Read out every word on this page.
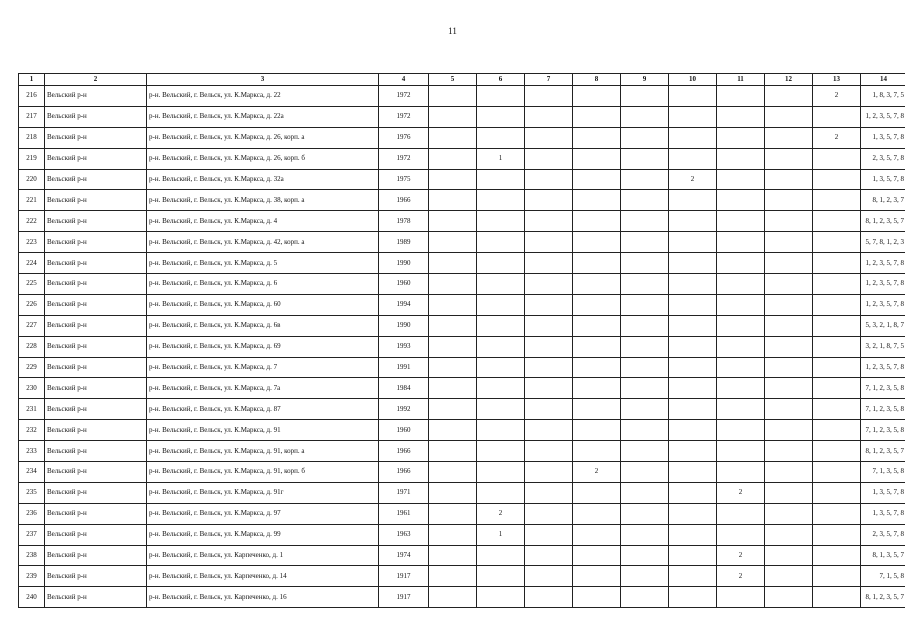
11
1	2	3	4	5	6	7	8	9	10	11	12	13	14
216	Вельский р-н	р-н. Вельский, г. Вельск, ул. К.Маркса, д. 22	1972									2	1, 8, 3, 7, 5
217	Вельский р-н	р-н. Вельский, г. Вельск, ул. К.Маркса, д. 22а	1972										1, 2, 3, 5, 7, 8
218	Вельский р-н	р-н. Вельский, г. Вельск, ул. К.Маркса, д. 26, корп. а	1976									2	1, 3, 5, 7, 8
219	Вельский р-н	р-н. Вельский, г. Вельск, ул. К.Маркса, д. 26, корп. б	1972		1								2, 3, 5, 7, 8
220	Вельский р-н	р-н. Вельский, г. Вельск, ул. К.Маркса, д. 32а	1975						2				1, 3, 5, 7, 8
221	Вельский р-н	р-н. Вельский, г. Вельск, ул. К.Маркса, д. 38, корп. а	1966										8, 1, 2, 3, 7
222	Вельский р-н	р-н. Вельский, г. Вельск, ул. К.Маркса, д. 4	1978										8, 1, 2, 3, 5, 7
223	Вельский р-н	р-н. Вельский, г. Вельск, ул. К.Маркса, д. 42, корп. а	1989										5, 7, 8, 1, 2, 3
224	Вельский р-н	р-н. Вельский, г. Вельск, ул. К.Маркса, д. 5	1990										1, 2, 3, 5, 7, 8
225	Вельский р-н	р-н. Вельский, г. Вельск, ул. К.Маркса, д. 6	1960										1, 2, 3, 5, 7, 8
226	Вельский р-н	р-н. Вельский, г. Вельск, ул. К.Маркса, д. 60	1994										1, 2, 3, 5, 7, 8
227	Вельский р-н	р-н. Вельский, г. Вельск, ул. К.Маркса, д. 6в	1990										5, 3, 2, 1, 8, 7
228	Вельский р-н	р-н. Вельский, г. Вельск, ул. К.Маркса, д. 69	1993										3, 2, 1, 8, 7, 5
229	Вельский р-н	р-н. Вельский, г. Вельск, ул. К.Маркса, д. 7	1991										1, 2, 3, 5, 7, 8
230	Вельский р-н	р-н. Вельский, г. Вельск, ул. К.Маркса, д. 7а	1984										7, 1, 2, 3, 5, 8
231	Вельский р-н	р-н. Вельский, г. Вельск, ул. К.Маркса, д. 87	1992										7, 1, 2, 3, 5, 8
232	Вельский р-н	р-н. Вельский, г. Вельск, ул. К.Маркса, д. 91	1960										7, 1, 2, 3, 5, 8
233	Вельский р-н	р-н. Вельский, г. Вельск, ул. К.Маркса, д. 91, корп. а	1966										8, 1, 2, 3, 5, 7
234	Вельский р-н	р-н. Вельский, г. Вельск, ул. К.Маркса, д. 91, корп. б	1966				2						7, 1, 3, 5, 8
235	Вельский р-н	р-н. Вельский, г. Вельск, ул. К.Маркса, д. 91г	1971							2			1, 3, 5, 7, 8
236	Вельский р-н	р-н. Вельский, г. Вельск, ул. К.Маркса, д. 97	1961		2								1, 3, 5, 7, 8
237	Вельский р-н	р-н. Вельский, г. Вельск, ул. К.Маркса, д. 99	1963		1								2, 3, 5, 7, 8
238	Вельский р-н	р-н. Вельский, г. Вельск, ул. Карпеченко, д. 1	1974							2			8, 1, 3, 5, 7
239	Вельский р-н	р-н. Вельский, г. Вельск, ул. Карпеченко, д. 14	1917							2			7, 1, 5, 8
240	Вельский р-н	р-н. Вельский, г. Вельск, ул. Карпеченко, д. 16	1917										8, 1, 2, 3, 5, 7
